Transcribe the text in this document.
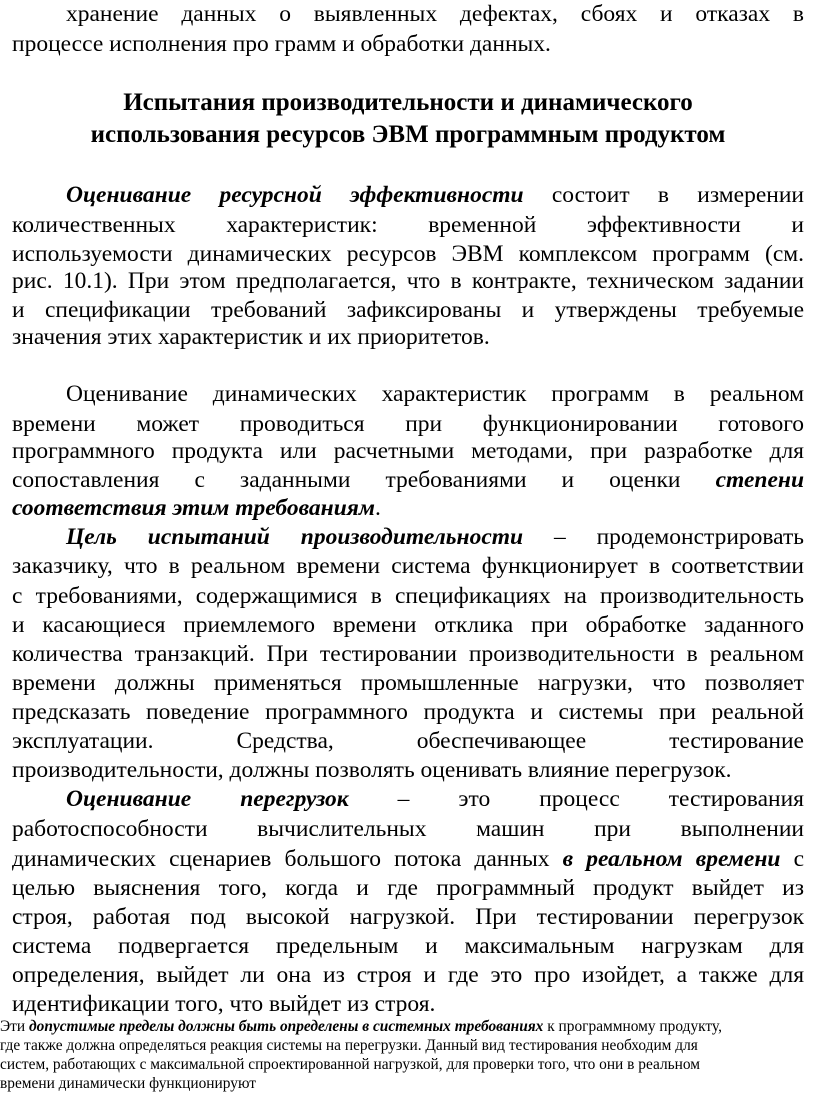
хранение данных о выявленных дефектах, сбоях и отказах в
процессе исполнения про грамм и обработки данных.
Испытания производительности и динамического
использования ресурсов ЭВМ программным продуктом
Оценивание ресурсной эффективности состоит в измерении
количественных характеристик: временной эффективности и
используемости динамических ресурсов ЭВМ комплексом программ (см.
рис. 10.1). При этом предполагается, что в контракте, техническом задании
и спецификации требований зафиксированы и утверждены требуемые
значения этих характеристик и их приоритетов.
Оценивание динамических характеристик программ в реальном
времени может проводиться при функционировании готового
программного продукта или расчетными методами, при разработке для
сопоставления с заданными требованиями и оценки степени
соответствия этим требованиям.
Цель испытаний производительности – продемонстрировать
заказчику, что в реальном времени система функционирует в соответствии
с требованиями, содержащимися в спецификациях на производительность
и касающиеся приемлемого времени отклика при обработке заданного
количества транзакций. При тестировании производительности в реальном
времени должны применяться промышленные нагрузки, что позволяет
предсказать поведение программного продукта и системы при реальной
эксплуатации. Средства, обеспечивающее тестирование
производительности, должны позволять оценивать влияние перегрузок.
Оценивание перегрузок – это процесс тестирования
работоспособности вычислительных машин при выполнении
динамических сценариев большого потока данных в реальном времени с
целью выяснения того, когда и где программный продукт выйдет из
строя, работая под высокой нагрузкой. При тестировании перегрузок
система подвергается предельным и максимальным нагрузкам для
определения, выйдет ли она из строя и где это про изойдет, а также для
идентификации того, что выйдет из строя.
Эти допустимые пределы должны быть определены в системных требованиях к программному продукту,
где также должна определяться реакция системы на перегрузки. Данный вид тестирования необходим для
систем, работающих с максимальной спроектированной нагрузкой, для проверки того, что они в реальном
времени динамически функционируют
